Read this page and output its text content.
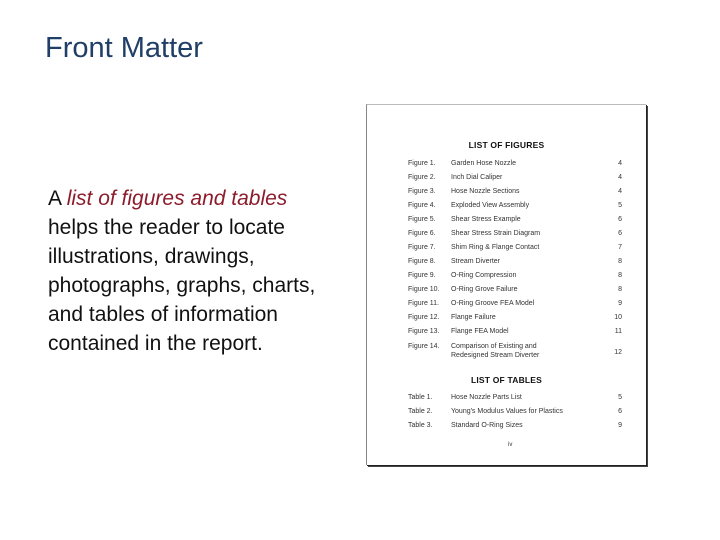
Front Matter
A list of figures and tables helps the reader to locate illustrations, drawings, photographs, graphs, charts, and tables of information contained in the report.
LIST OF FIGURES
Figure 1. Garden Hose Nozzle	4
Figure 2. Inch Dial Caliper	4
Figure 3. Hose Nozzle Sections	4
Figure 4. Exploded View Assembly	5
Figure 5. Shear Stress Example	6
Figure 6. Shear Stress Strain Diagram	6
Figure 7. Shim Ring & Flange Contact	7
Figure 8. Stream Diverter	8
Figure 9. O-Ring Compression	8
Figure 10. O-Ring Grove Failure	8
Figure 11. O-Ring Groove FEA Model	9
Figure 12. Flange Failure	10
Figure 13. Flange FEA Model	11
Figure 14. Comparison of Existing and
Redesigned Stream Diverter	12
LIST OF TABLES
Table 1.	Hose Nozzle Parts List	5
Table 2.	Young's Modulus Values for Plastics	6
Table 3.	Standard O-Ring Sizes	9
iv
